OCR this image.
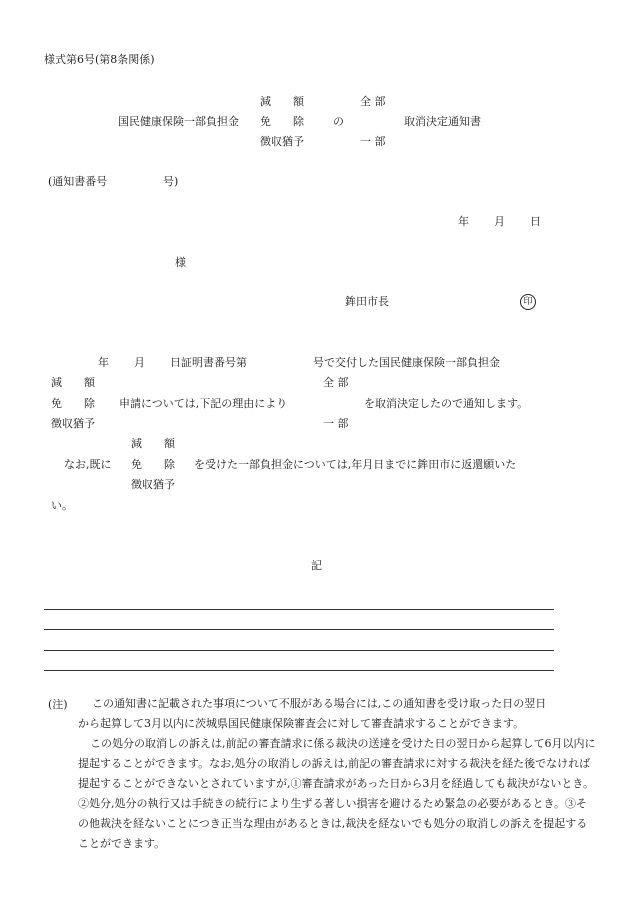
様式第6号(第8条関係)
減　　額	全 部
国民健康保険一部負担金 免　　除	の	取消決定通知書
徴収猶予	一 部
(通知書番号	号)
年 月 日
様
鉾田市長	印
年 月 日証明書番号第	号で交付した国民健康保険一部負担金
減　　額	全 部
免　　除 申請については,下記の理由により	を取消決定したので通知します。
徴収猶予	一 部
減　　額
なお,既に 免　　除 を受けた一部負担金については,年月日までに鉾田市に返還願いた
徴収猶予
い。
記
(注) この通知書に記載された事項について不服がある場合には,この通知書を受け取った日の翌日

から起算して3月以内に茨城県国民健康保険審査会に対して審査請求することができます。

この処分の取消しの訴えは,前記の審査請求に係る裁決の送達を受けた日の翌日から起算して6月以内に提起することができます。なお,処分の取消しの訴えは,前記の審査請求に対する裁決を経た後でなければ提起することができないとされていますが,①審査請求があった日から3月を経過しても裁決がないとき。②処分,処分の執行又は手続きの続行により生ずる著しい損害を避けるため緊急の必要があるとき。③その他裁決を経ないことにつき正当な理由があるときは,裁決を経ないでも処分の取消しの訴えを提起することができます。
